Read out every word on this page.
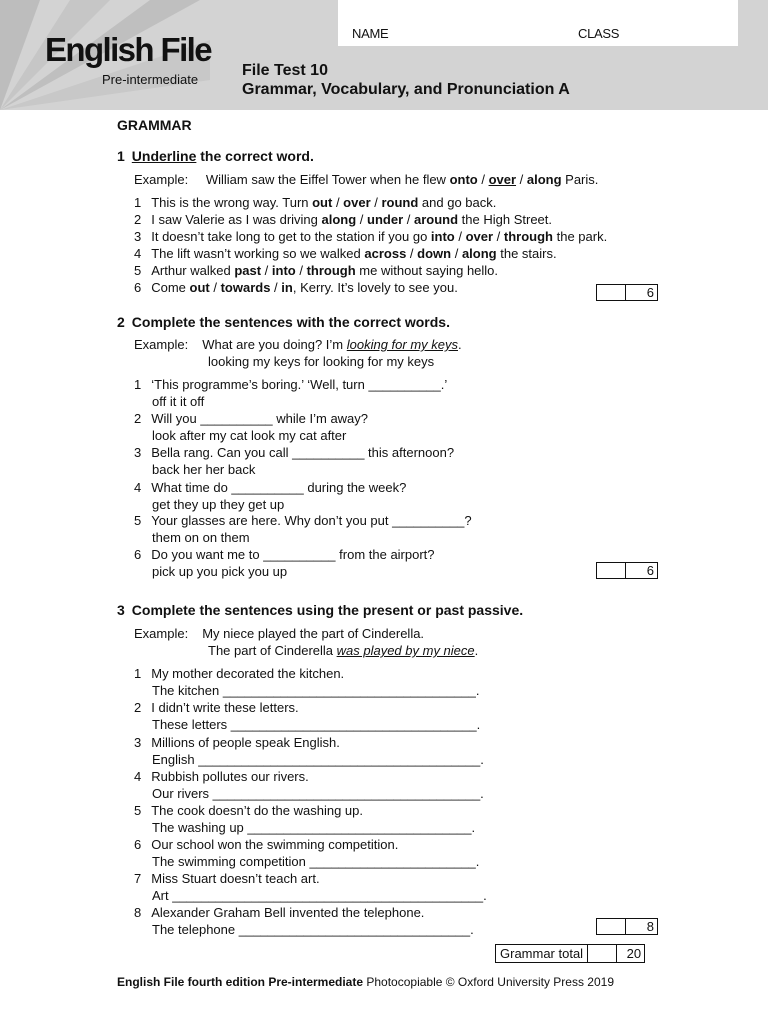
English File
Pre-intermediate
NAME	CLASS
File Test 10
Grammar, Vocabulary, and Pronunciation A
GRAMMAR
1 Underline the correct word.
Example: William saw the Eiffel Tower when he flew onto / over / along Paris.
1 This is the wrong way. Turn out / over / round and go back.
2 I saw Valerie as I was driving along / under / around the High Street.
3 It doesn’t take long to get to the station if you go into / over / through the park.
4 The lift wasn’t working so we walked across / down / along the stairs.
5 Arthur walked past / into / through me without saying hello.
6 Come out / towards / in, Kerry. It’s lovely to see you.	6
2 Complete the sentences with the correct words.
Example: What are you doing? I’m looking for my keys.
looking my keys for looking for my keys
1 ‘This programme’s boring.’ ‘Well, turn __________.’
off it it off
2 Will you __________ while I’m away?
look after my cat look my cat after
3 Bella rang. Can you call __________ this afternoon?
back her her back
4 What time do __________ during the week?
get they up they get up
5 Your glasses are here. Why don’t you put __________?
them on on them
6 Do you want me to __________ from the airport?
pick up you pick you up	6
3 Complete the sentences using the present or past passive.
Example: My niece played the part of Cinderella.
The part of Cinderella was played by my niece.
1 My mother decorated the kitchen.
The kitchen ___________________________________.
2 I didn’t write these letters.
These letters __________________________________.
3 Millions of people speak English.
English _______________________________________.
4 Rubbish pollutes our rivers.
Our rivers _____________________________________.
5 The cook doesn’t do the washing up.
The washing up _______________________________.
6 Our school won the swimming competition.
The swimming competition _______________________.
7 Miss Stuart doesn’t teach art.
Art ___________________________________________.
8 Alexander Graham Bell invented the telephone.
The telephone ________________________________.	8
Grammar total	20
English File fourth edition Pre-intermediate Photocopiable © Oxford University Press 2019
